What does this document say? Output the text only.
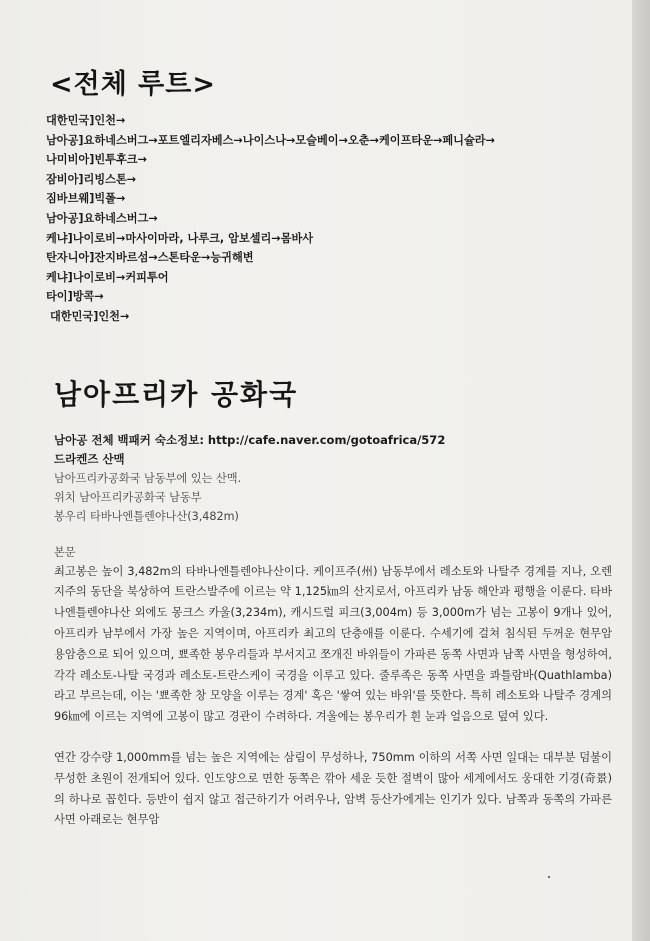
<전체 루트>
대한민국]인천→
남아공]요하네스버그→포트엘리자베스→나이스나→모슬베이→오춘→케이프타운→페니슐라→
나미비아]빈투후크→
잠비아]리빙스톤→
짐바브웨]빅폴→
남아공]요하네스버그→
케냐]나이로비→마사이마라, 나루크, 암보셀리→몸바사
탄자니아]잔지바르섬→스톤타운→능귀해변
케냐]나이로비→커피투어
타이]방콕→
대한민국]인천→
남아프리카 공화국
남아공 전체 백패커 숙소정보: http://cafe.naver.com/gotoafrica/572
드라켄즈 산맥
남아프리카공화국 남동부에 있는 산맥.
위치 남아프리카공화국 남동부
봉우리 타바나엔틀렌야나산(3,482m)
본문

최고봉은 높이 3,482m의 타바나엔틀렌야나산이다. 케이프주(州) 남동부에서 레소토와 나탈주 경계를 지나, 오렌지주의 동단을 북상하여 트란스발주에 이르는 약 1,125㎞의 산지로서, 아프리카 남동 해안과 평행을 이룬다. 타바나엔틀렌야나산 외에도 몽크스 카울(3,234m), 캐시드럴 피크(3,004m) 등 3,000m가 넘는 고봉이 9개나 있어, 아프리카 남부에서 가장 높은 지역이며, 아프리카 최고의 단층애를 이룬다. 수세기에 걸쳐 침식된 두꺼운 현무암 용암층으로 되어 있으며, 뾰족한 봉우리들과 부서지고 쪼개진 바위들이 가파른 동쪽 사면과 남쪽 사면을 형성하여, 각각 레소토-나탈 국경과 레소토-트란스케이 국경을 이루고 있다. 줄루족은 동쪽 사면을 콰틀람바(Quathlamba)라고 부르는데, 이는 '뾰족한 창 모양을 이루는 경계' 혹은 '쌓여 있는 바위'를 뜻한다. 특히 레소토와 나탈주 경계의 96㎞에 이르는 지역에 고봉이 많고 경관이 수려하다. 겨울에는 봉우리가 흰 눈과 얼음으로 덮여 있다.

연간 강수량 1,000mm를 넘는 높은 지역에는 삼림이 무성하나, 750mm 이하의 서쪽 사면 일대는 대부분 덤불이 무성한 초원이 전개되어 있다. 인도양으로 면한 동쪽은 깎아 세운 듯한 절벽이 많아 세계에서도 웅대한 기경(奇景)의 하나로 꼽힌다. 등반이 쉽지 않고 접근하기가 어려우나, 암벽 등산가에게는 인기가 있다. 남쪽과 동쪽의 가파른 사면 아래로는 현무암
